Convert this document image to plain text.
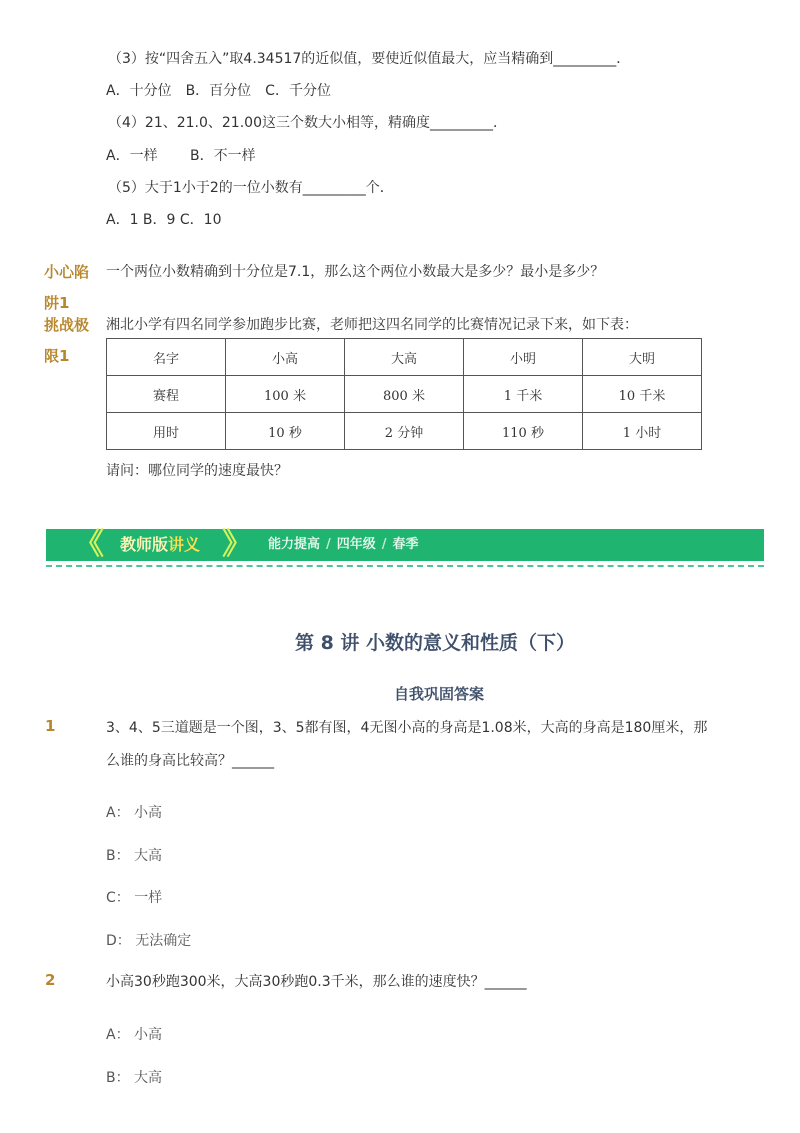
（3）按“四舍五入”取4.34517的近似值，要使近似值最大，应当精确到_________．
A．十分位　B．百分位　C．千分位
（4）21、21.0、21.00这三个数大小相等，精确度_________．
A．一样　　 B．不一样
（5）大于1小于2的一位小数有_________个．
A．1 B．9 C．10
小心陷
阱1
一个两位小数精确到十分位是7.1，那么这个两位小数最大是多少？最小是多少？
挑战极
限1
湘北小学有四名同学参加跑步比赛，老师把这四名同学的比赛情况记录下来，如下表：
名字	小高	大高	小明	大明
赛程	100 米	800 米	1 千米	10 千米
用时	10 秒	2 分钟	110 秒	1 小时
请问：哪位同学的速度最快？
《 教师版讲义 》 能力提高 / 四年级 / 春季
第 8 讲 小数的意义和性质（下）
自我巩固答案
1	3、4、5三道题是一个图，3、5都有图，4无图小高的身高是1.08米，大高的身高是180厘米，那
么谁的身高比较高？______
A： 小高
B： 大高
C： 一样
D： 无法确定
2	小高30秒跑300米，大高30秒跑0.3千米，那么谁的速度快？______
A： 小高
B： 大高
